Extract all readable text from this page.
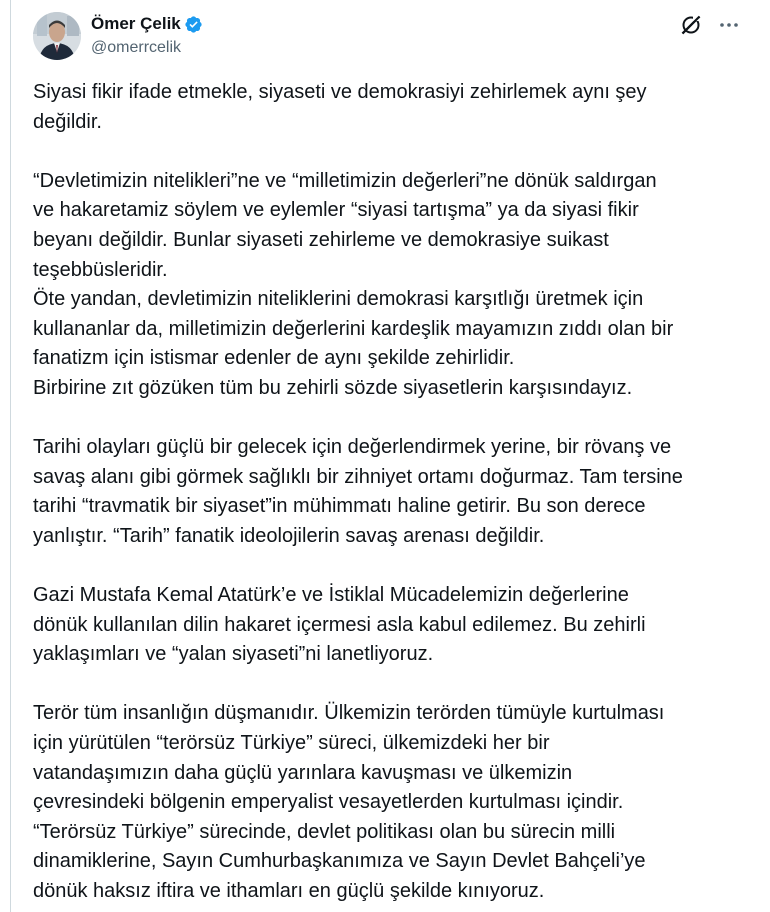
Ömer Çelik
@omerrcelik
Siyasi fikir ifade etmekle, siyaseti ve demokrasiyi zehirlemek aynı şey
değildir.
“Devletimizin nitelikleri”ne ve “milletimizin değerleri”ne dönük saldırgan
ve hakaretamiz söylem ve eylemler “siyasi tartışma” ya da siyasi fikir
beyanı değildir. Bunlar siyaseti zehirleme ve demokrasiye suikast
teşebbüsleridir.
Öte yandan, devletimizin niteliklerini demokrasi karşıtlığı üretmek için
kullananlar da, milletimizin değerlerini kardeşlik mayamızın zıddı olan bir
fanatizm için istismar edenler de aynı şekilde zehirlidir.
Birbirine zıt gözüken tüm bu zehirli sözde siyasetlerin karşısındayız.
Tarihi olayları güçlü bir gelecek için değerlendirmek yerine, bir rövanş ve
savaş alanı gibi görmek sağlıklı bir zihniyet ortamı doğurmaz. Tam tersine
tarihi “travmatik bir siyaset”in mühimmatı haline getirir. Bu son derece
yanlıştır. “Tarih” fanatik ideolojilerin savaş arenası değildir.
Gazi Mustafa Kemal Atatürk’e ve İstiklal Mücadelemizin değerlerine
dönük kullanılan dilin hakaret içermesi asla kabul edilemez. Bu zehirli
yaklaşımları ve “yalan siyaseti”ni lanetliyoruz.
Terör tüm insanlığın düşmanıdır. Ülkemizin terörden tümüyle kurtulması
için yürütülen “terörsüz Türkiye” süreci, ülkemizdeki her bir
vatandaşımızın daha güçlü yarınlara kavuşması ve ülkemizin
çevresindeki bölgenin emperyalist vesayetlerden kurtulması içindir.
“Terörsüz Türkiye” sürecinde, devlet politikası olan bu sürecin milli
dinamiklerine, Sayın Cumhurbaşkanımıza ve Sayın Devlet Bahçeli’ye
dönük haksız iftira ve ithamları en güçlü şekilde kınıyoruz.
